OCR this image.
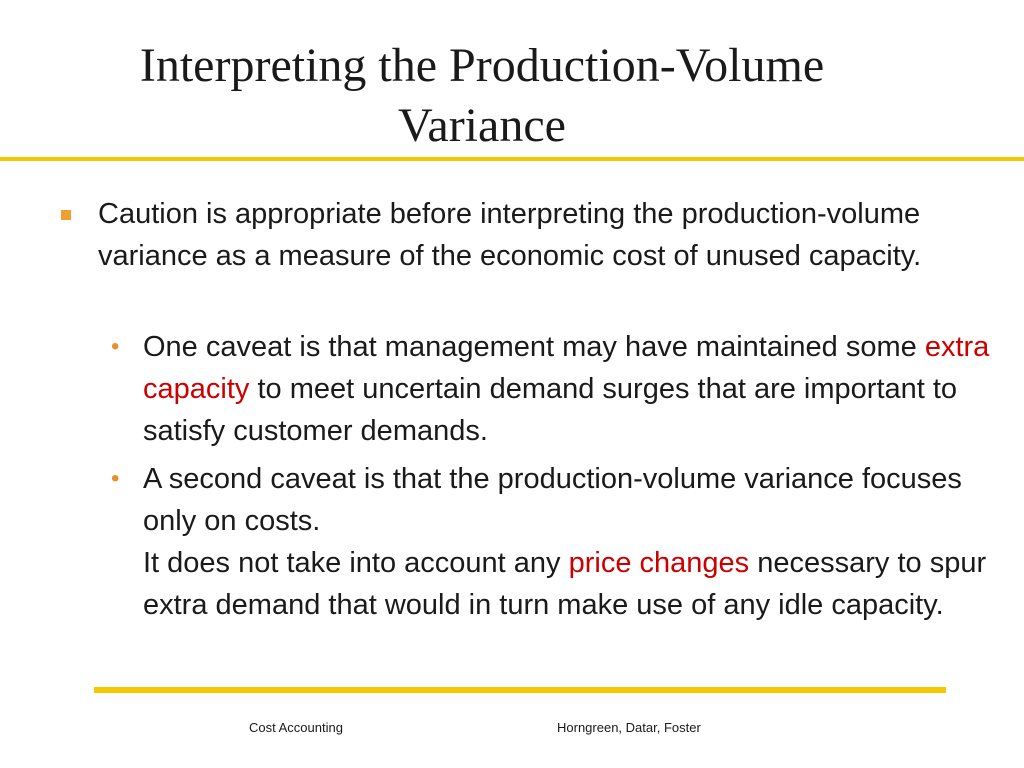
Interpreting the Production-Volume
Variance
Caution is appropriate before interpreting the production-volume variance as a measure of the economic cost of unused capacity.
• One caveat is that management may have maintained some extra capacity to meet uncertain demand surges that are important to satisfy customer demands.
• A second caveat is that the production-volume variance focuses only on costs.
It does not take into account any price changes necessary to spur extra demand that would in turn make use of any idle capacity.
Cost Accounting	Horngreen, Datar, Foster
